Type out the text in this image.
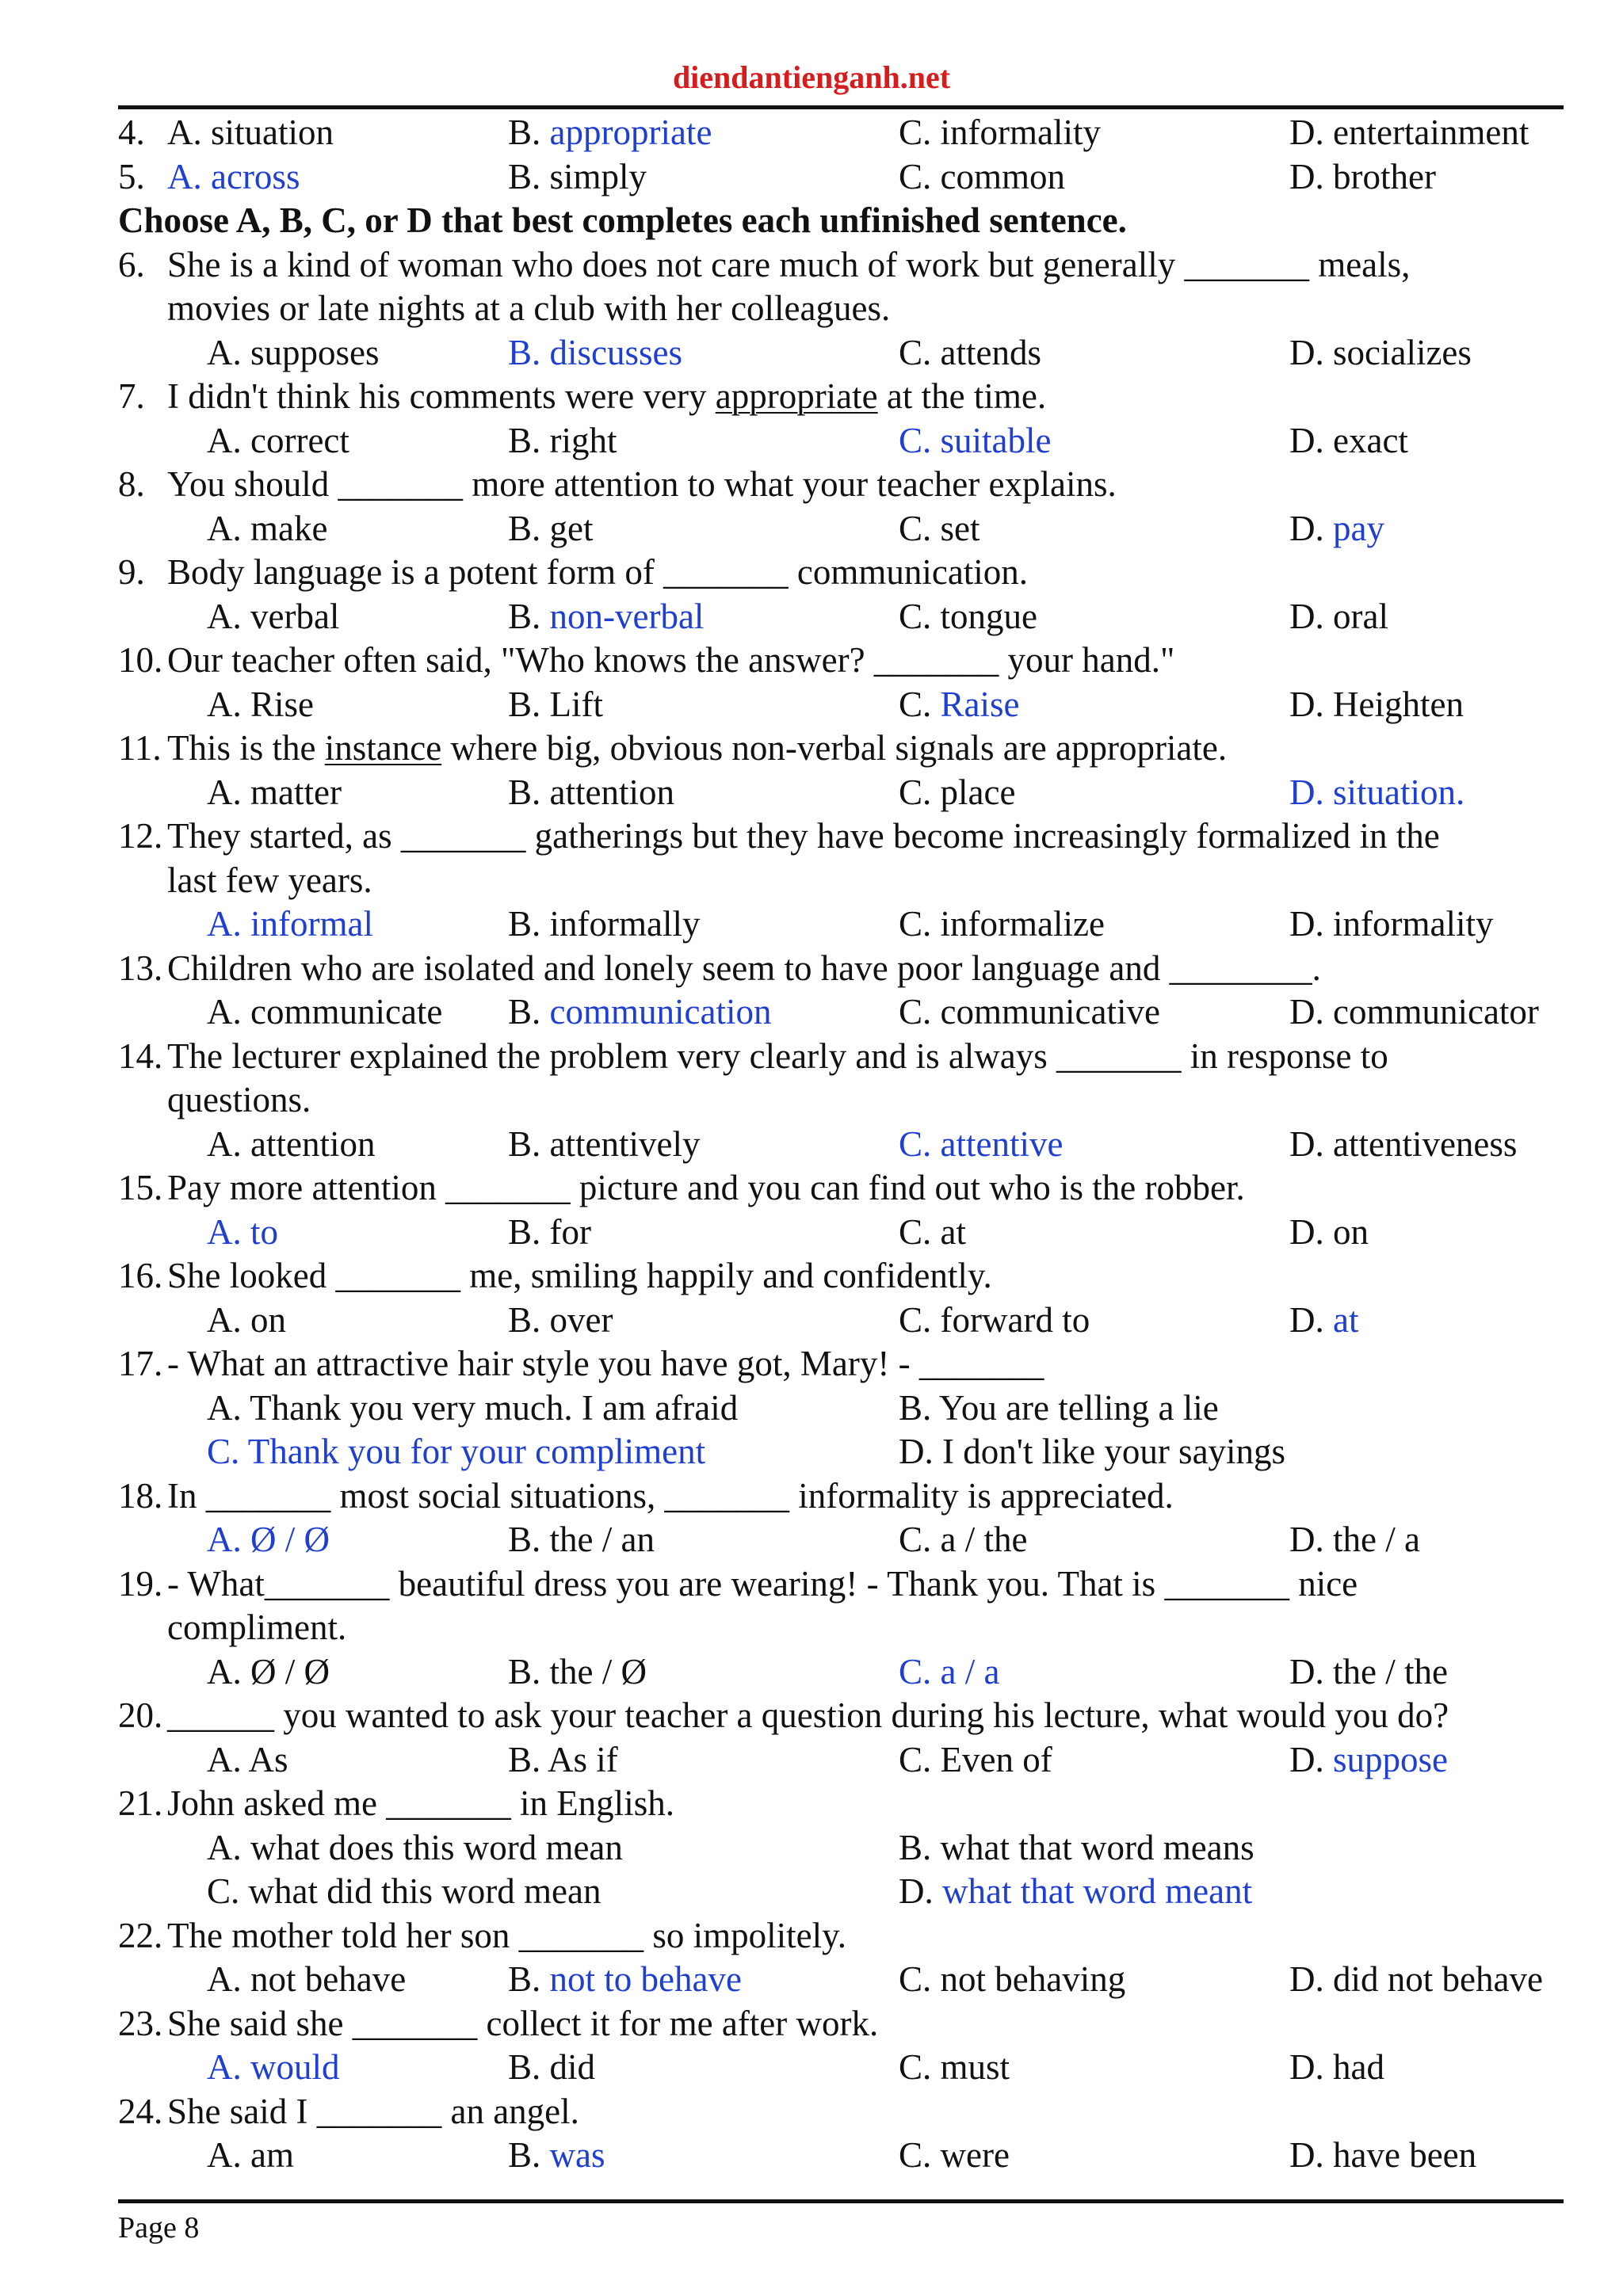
diendantienganh.net
4. A. situation	B. appropriate	C. informality	D. entertainment
5. A. across	B. simply	C. common	D. brother
Choose A, B, C, or D that best completes each unfinished sentence.
6. She is a kind of woman who does not care much of work but generally _______ meals,
movies or late nights at a club with her colleagues.
A. supposes	B. discusses	C. attends	D. socializes
7. I didn't think his comments were very appropriate at the time.
A. correct	B. right	C. suitable	D. exact
8. You should _______ more attention to what your teacher explains.
A. make	B. get	C. set	D. pay
9. Body language is a potent form of _______ communication.
A. verbal	B. non-verbal	C. tongue	D. oral
10. Our teacher often said, "Who knows the answer? _______ your hand."
A. Rise	B. Lift	C. Raise	D. Heighten
11. This is the instance where big, obvious non-verbal signals are appropriate.
A. matter	B. attention	C. place	D. situation.
12. They started, as _______ gatherings but they have become increasingly formalized in the
last few years.
A. informal	B. informally	C. informalize	D. informality
13. Children who are isolated and lonely seem to have poor language and ________.
A. communicate B. communication	C. communicative	D. communicator
14. The lecturer explained the problem very clearly and is always _______ in response to
questions.
A. attention	B. attentively	C. attentive	D. attentiveness
15. Pay more attention _______ picture and you can find out who is the robber.
A. to	B. for	C. at	D. on
16. She looked _______ me, smiling happily and confidently.
A. on	B. over	C. forward to	D. at
17. - What an attractive hair style you have got, Mary! - _______
A. Thank you very much. I am afraid	B. You are telling a lie
C. Thank you for your compliment	D. I don't like your sayings
18. In _______ most social situations, _______ informality is appreciated.
A. Ø / Ø	B. the / an	C. a / the	D. the / a
19. - What_______ beautiful dress you are wearing! - Thank you. That is _______ nice
compliment.
A. Ø / Ø	B. the / Ø	C. a / a	D. the / the
20. ______ you wanted to ask your teacher a question during his lecture, what would you do?
A. As	B. As if	C. Even of	D. suppose
21. John asked me _______ in English.
A. what does this word mean	B. what that word means
C. what did this word mean	D. what that word meant
22. The mother told her son _______ so impolitely.
A. not behave	B. not to behave	C. not behaving	D. did not behave
23. She said she _______ collect it for me after work.
A. would	B. did	C. must	D. had
24. She said I _______ an angel.
A. am	B. was	C. were	D. have been
Page 8
